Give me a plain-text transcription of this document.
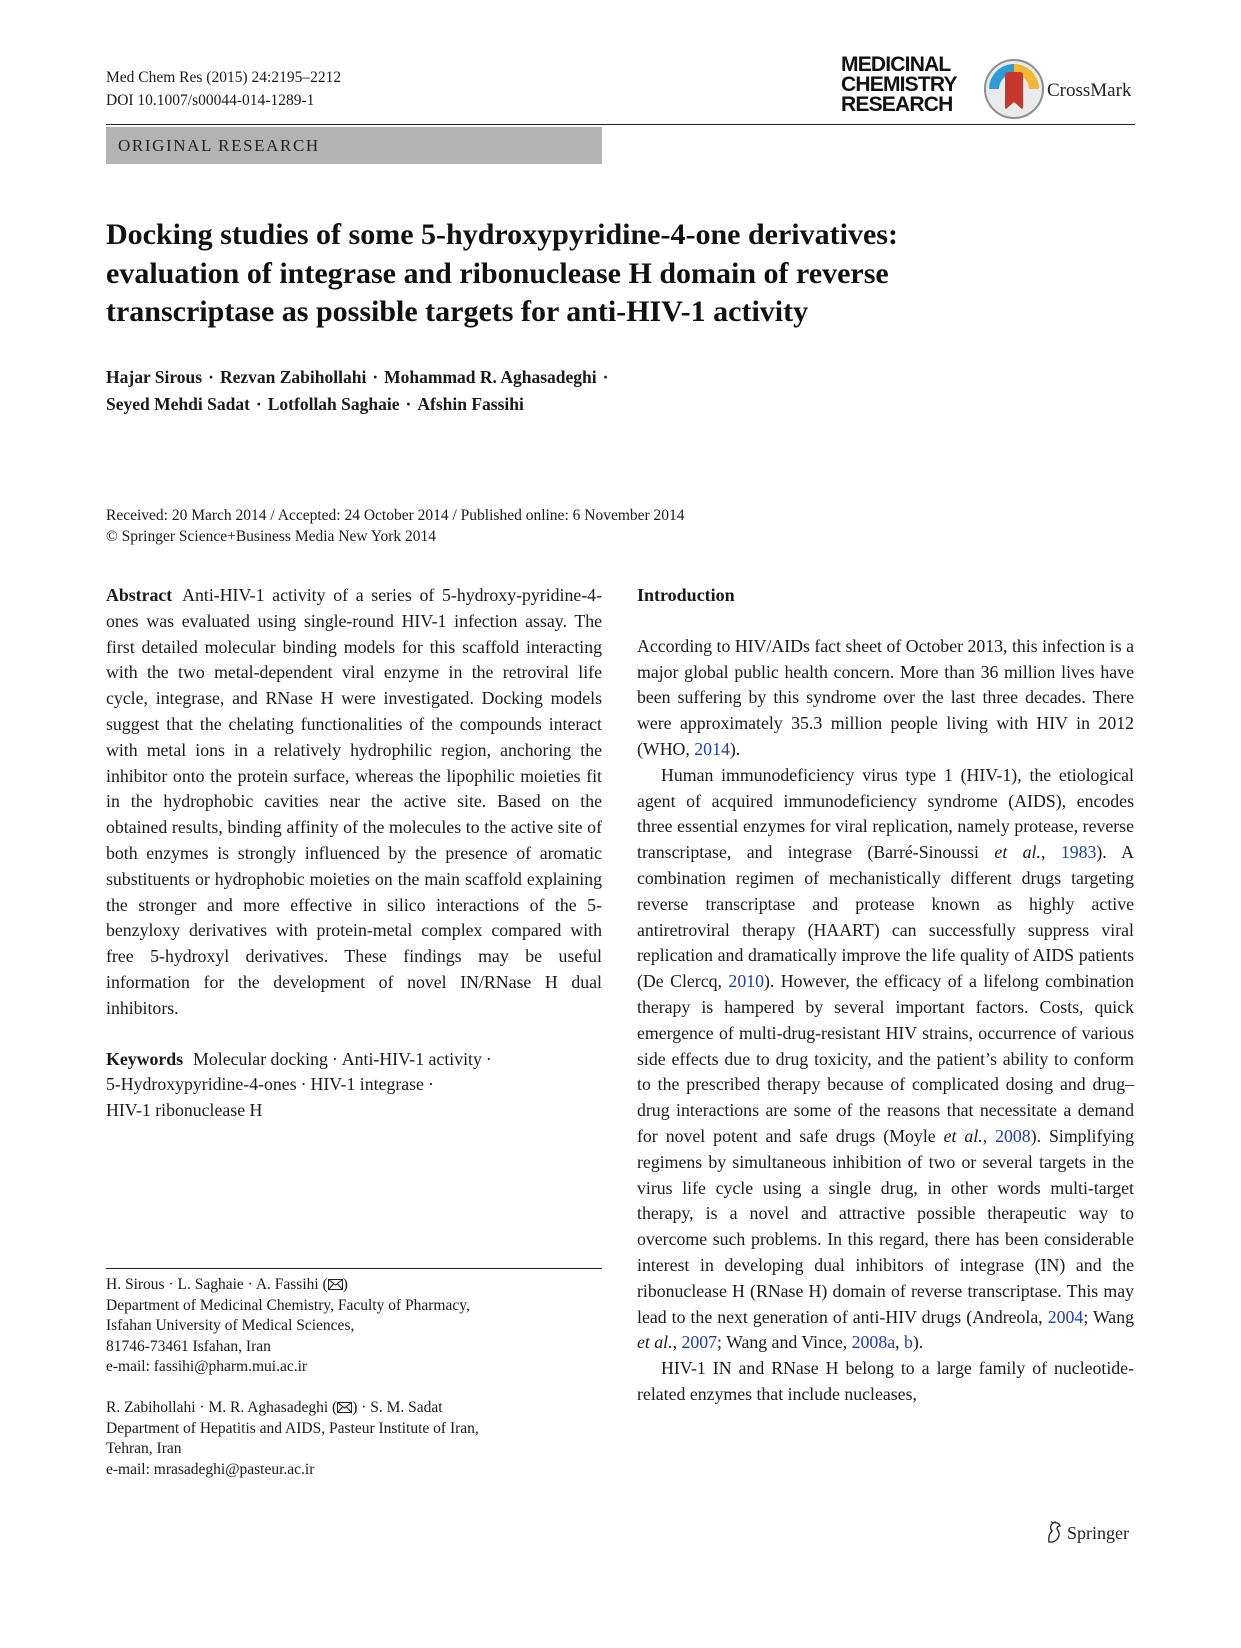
Med Chem Res (2015) 24:2195–2212
DOI 10.1007/s00044-014-1289-1
MEDICINAL
CHEMISTRY
RESEARCH
CrossMark
ORIGINAL RESEARCH
Docking studies of some 5-hydroxypyridine-4-one derivatives:
evaluation of integrase and ribonuclease H domain of reverse
transcriptase as possible targets for anti-HIV-1 activity
Hajar Sirous · Rezvan Zabihollahi · Mohammad R. Aghasadeghi ·
Seyed Mehdi Sadat · Lotfollah Saghaie · Afshin Fassihi
Received: 20 March 2014 / Accepted: 24 October 2014 / Published online: 6 November 2014
© Springer Science+Business Media New York 2014

Abstract Anti-HIV-1 activity of a series of 5-hydroxy-pyridine-4-ones was evaluated using single-round HIV-1 infection assay. The first detailed molecular binding models for this scaffold interacting with the two metal-dependent viral enzyme in the retroviral life cycle, integrase, and RNase H were investigated. Docking models suggest that the chelating functionalities of the compounds interact with metal ions in a relatively hydrophilic region, anchoring the inhibitor onto the protein surface, whereas the lipophilic moieties fit in the hydrophobic cavities near the active site. Based on the obtained results, binding affinity of the molecules to the active site of both enzymes is strongly influenced by the presence of aromatic substituents or hydrophobic moieties on the main scaffold explaining the stronger and more effective in silico interactions of the 5-benzyloxy derivatives with protein-metal complex compared with free 5-hydroxyl derivatives. These findings may be useful information for the development of novel IN/RNase H dual inhibitors.

Keywords Molecular docking · Anti-HIV-1 activity ·
5-Hydroxypyridine-4-ones · HIV-1 integrase ·
HIV-1 ribonuclease H

H. Sirous · L. Saghaie · A. Fassihi ( )
Department of Medicinal Chemistry, Faculty of Pharmacy,
Isfahan University of Medical Sciences,
81746-73461 Isfahan, Iran
e-mail: fassihi@pharm.mui.ac.ir
R. Zabihollahi · M. R. Aghasadeghi ( ) · S. M. Sadat
Department of Hepatitis and AIDS, Pasteur Institute of Iran,
Tehran, Iran
e-mail: mrasadeghi@pasteur.ac.ir

Introduction

According to HIV/AIDs fact sheet of October 2013, this infection is a major global public health concern. More than 36 million lives have been suffering by this syndrome over the last three decades. There were approximately 35.3 million people living with HIV in 2012 (WHO, 2014).

Human immunodeficiency virus type 1 (HIV-1), the etiological agent of acquired immunodeficiency syndrome (AIDS), encodes three essential enzymes for viral replication, namely protease, reverse transcriptase, and integrase (Barré-Sinoussi et al., 1983). A combination regimen of mechanistically different drugs targeting reverse transcriptase and protease known as highly active antiretroviral therapy (HAART) can successfully suppress viral replication and dramatically improve the life quality of AIDS patients (De Clercq, 2010). However, the efficacy of a lifelong combination therapy is hampered by several important factors. Costs, quick emergence of multi-drug-resistant HIV strains, occurrence of various side effects due to drug toxicity, and the patient’s ability to conform to the prescribed therapy because of complicated dosing and drug–drug interactions are some of the reasons that necessitate a demand for novel potent and safe drugs (Moyle et al., 2008). Simplifying regimens by simultaneous inhibition of two or several targets in the virus life cycle using a single drug, in other words multi-target therapy, is a novel and attractive possible therapeutic way to overcome such problems. In this regard, there has been considerable interest in developing dual inhibitors of integrase (IN) and the ribonuclease H (RNase H) domain of reverse transcriptase. This may lead to the next generation of anti-HIV drugs (Andreola, 2004; Wang et al., 2007; Wang and Vince, 2008a, b).

HIV-1 IN and RNase H belong to a large family of nucleotide-related enzymes that include nucleases,

Springer
